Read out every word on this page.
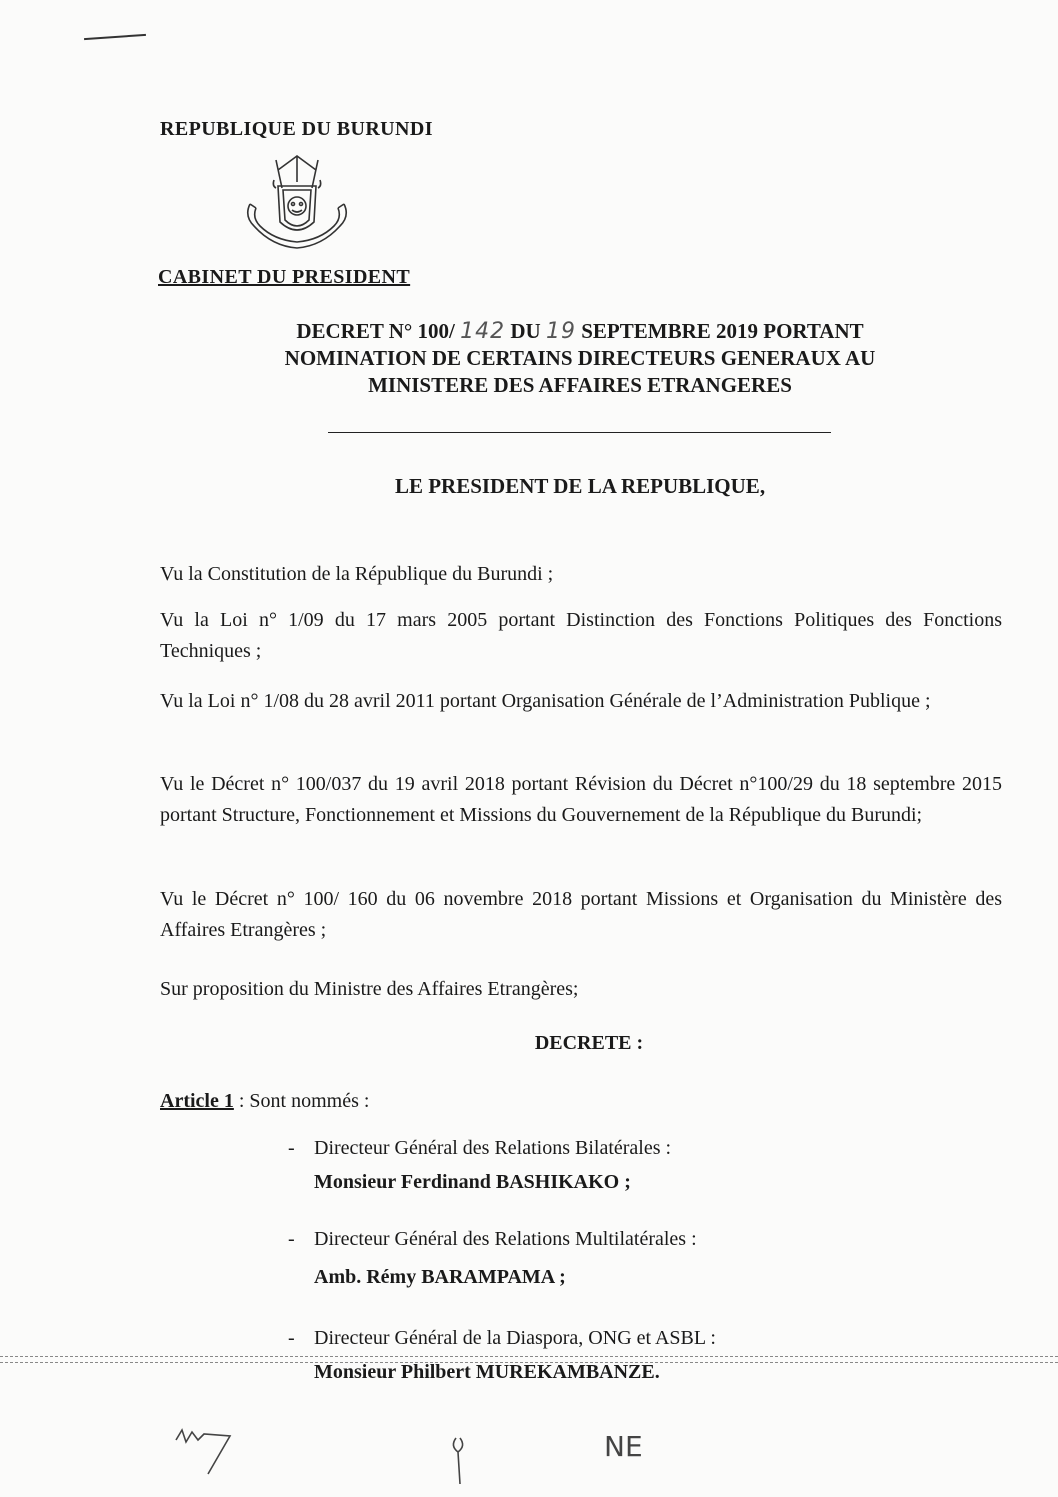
REPUBLIQUE DU BURUNDI
CABINET DU PRESIDENT
DECRET N° 100/ 142 DU 19 SEPTEMBRE 2019 PORTANT
NOMINATION DE CERTAINS DIRECTEURS GENERAUX AU
MINISTERE DES AFFAIRES ETRANGERES
LE PRESIDENT DE LA REPUBLIQUE,
Vu la Constitution de la République du Burundi ;
Vu la Loi n° 1/09 du 17 mars 2005 portant Distinction des Fonctions Politiques des Fonctions Techniques ;
Vu la Loi n° 1/08 du 28 avril 2011 portant Organisation Générale de l’Administration Publique ;
Vu le Décret n° 100/037 du 19 avril 2018 portant Révision du Décret n°100/29 du 18 septembre 2015 portant Structure, Fonctionnement et Missions du Gouvernement de la République du Burundi;
Vu le Décret n° 100/ 160 du 06 novembre 2018 portant Missions et Organisation du Ministère des Affaires Etrangères ;
Sur proposition du Ministre des Affaires Etrangères;
DECRETE :
Article 1 : Sont nommés :
- Directeur Général des Relations Bilatérales :
Monsieur Ferdinand BASHIKAKO ;
- Directeur Général des Relations Multilatérales :
Amb. Rémy BARAMPAMA ;
- Directeur Général de la Diaspora, ONG et ASBL :
Monsieur Philbert MUREKAMBANZE.
NE
